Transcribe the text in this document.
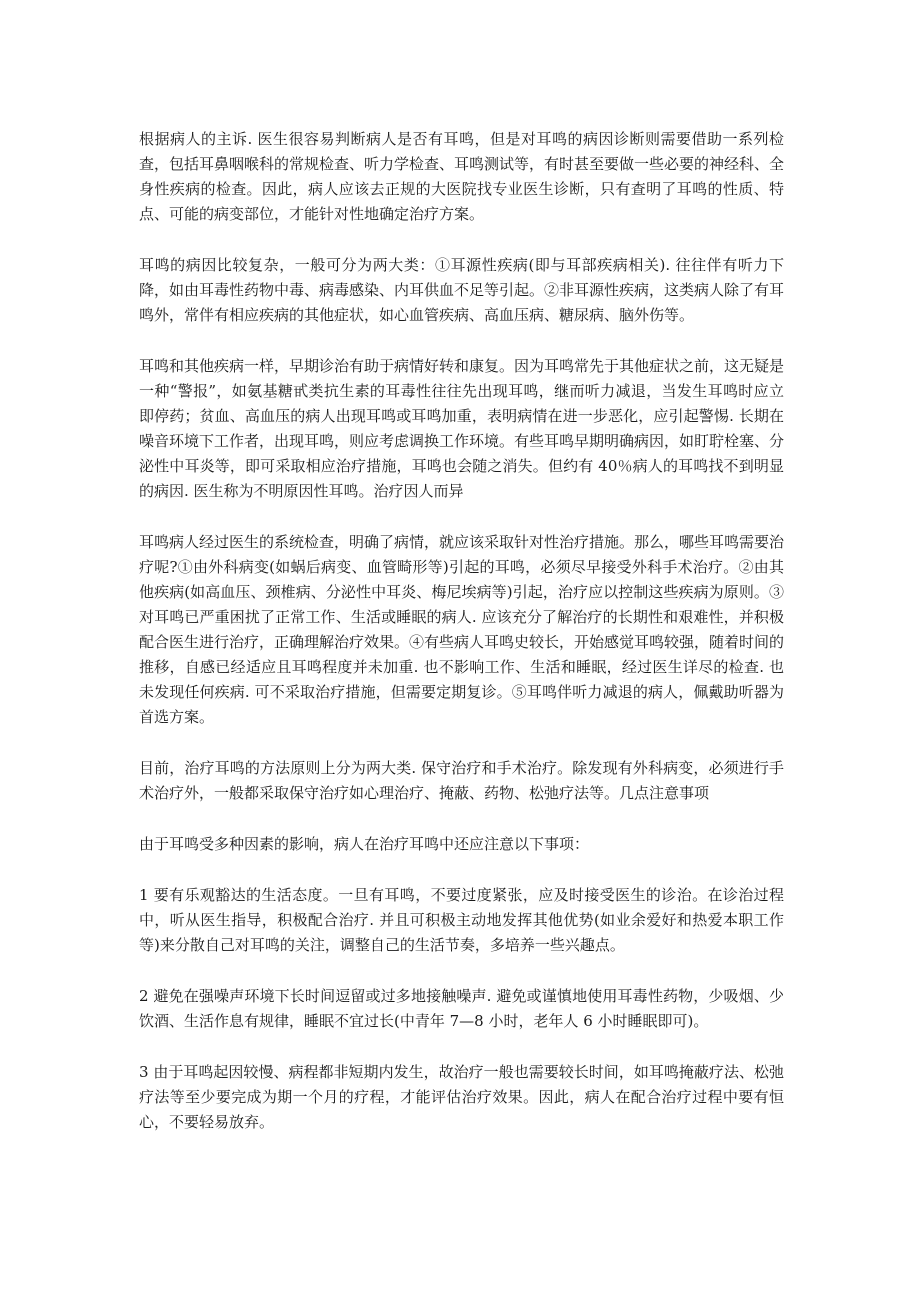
根据病人的主诉. 医生很容易判断病人是否有耳鸣，但是对耳鸣的病因诊断则需要借助一系列检查，包括耳鼻咽喉科的常规检查、听力学检查、耳鸣测试等，有时甚至要做一些必要的神经科、全身性疾病的检查。因此，病人应该去正规的大医院找专业医生诊断，只有查明了耳鸣的性质、特点、可能的病变部位，才能针对性地确定治疗方案。

耳鸣的病因比较复杂，一般可分为两大类：①耳源性疾病(即与耳部疾病相关). 往往伴有听力下降，如由耳毒性药物中毒、病毒感染、内耳供血不足等引起。②非耳源性疾病，这类病人除了有耳鸣外，常伴有相应疾病的其他症状，如心血管疾病、高血压病、糖尿病、脑外伤等。

耳鸣和其他疾病一样，早期诊治有助于病情好转和康复。因为耳鸣常先于其他症状之前，这无疑是一种“警报”，如氨基糖甙类抗生素的耳毒性往往先出现耳鸣，继而听力减退，当发生耳鸣时应立即停药；贫血、高血压的病人出现耳鸣或耳鸣加重，表明病情在进一步恶化，应引起警惕. 长期在噪音环境下工作者，出现耳鸣，则应考虑调换工作环境。有些耳鸣早期明确病因，如盯聍栓塞、分泌性中耳炎等，即可采取相应治疗措施，耳鸣也会随之消失。但约有 40％病人的耳鸣找不到明显的病因. 医生称为不明原因性耳鸣。治疗因人而异

耳鸣病人经过医生的系统检查，明确了病情，就应该采取针对性治疗措施。那么，哪些耳鸣需要治疗呢?①由外科病变(如蜗后病变、血管畸形等)引起的耳鸣，必须尽早接受外科手术治疗。②由其他疾病(如高血压、颈椎病、分泌性中耳炎、梅尼埃病等)引起，治疗应以控制这些疾病为原则。③对耳鸣已严重困扰了正常工作、生活或睡眠的病人. 应该充分了解治疗的长期性和艰难性，并积极配合医生进行治疗，正确理解治疗效果。④有些病人耳鸣史较长，开始感觉耳鸣较强，随着时间的推移，自感已经适应且耳鸣程度并未加重. 也不影响工作、生活和睡眠，经过医生详尽的检查. 也未发现任何疾病. 可不采取治疗措施，但需要定期复诊。⑤耳鸣伴听力减退的病人，佩戴助听器为首选方案。

目前，治疗耳鸣的方法原则上分为两大类. 保守治疗和手术治疗。除发现有外科病变，必须进行手术治疗外，一般都采取保守治疗如心理治疗、掩蔽、药物、松弛疗法等。几点注意事项

由于耳鸣受多种因素的影响，病人在治疗耳鸣中还应注意以下事项：

1 要有乐观豁达的生活态度。一旦有耳鸣，不要过度紧张，应及时接受医生的诊治。在诊治过程中，听从医生指导，积极配合治疗. 并且可积极主动地发挥其他优势(如业余爱好和热爱本职工作等)来分散自己对耳鸣的关注，调整自己的生活节奏，多培养一些兴趣点。

2 避免在强噪声环境下长时间逗留或过多地接触噪声. 避免或谨慎地使用耳毒性药物，少吸烟、少饮酒、生活作息有规律，睡眠不宜过长(中青年 7—8 小时，老年人 6 小时睡眠即可)。

3 由于耳鸣起因较慢、病程都非短期内发生，故治疗一般也需要较长时间，如耳鸣掩蔽疗法、松弛疗法等至少要完成为期一个月的疗程，才能评估治疗效果。因此，病人在配合治疗过程中要有恒心，不要轻易放弃。
